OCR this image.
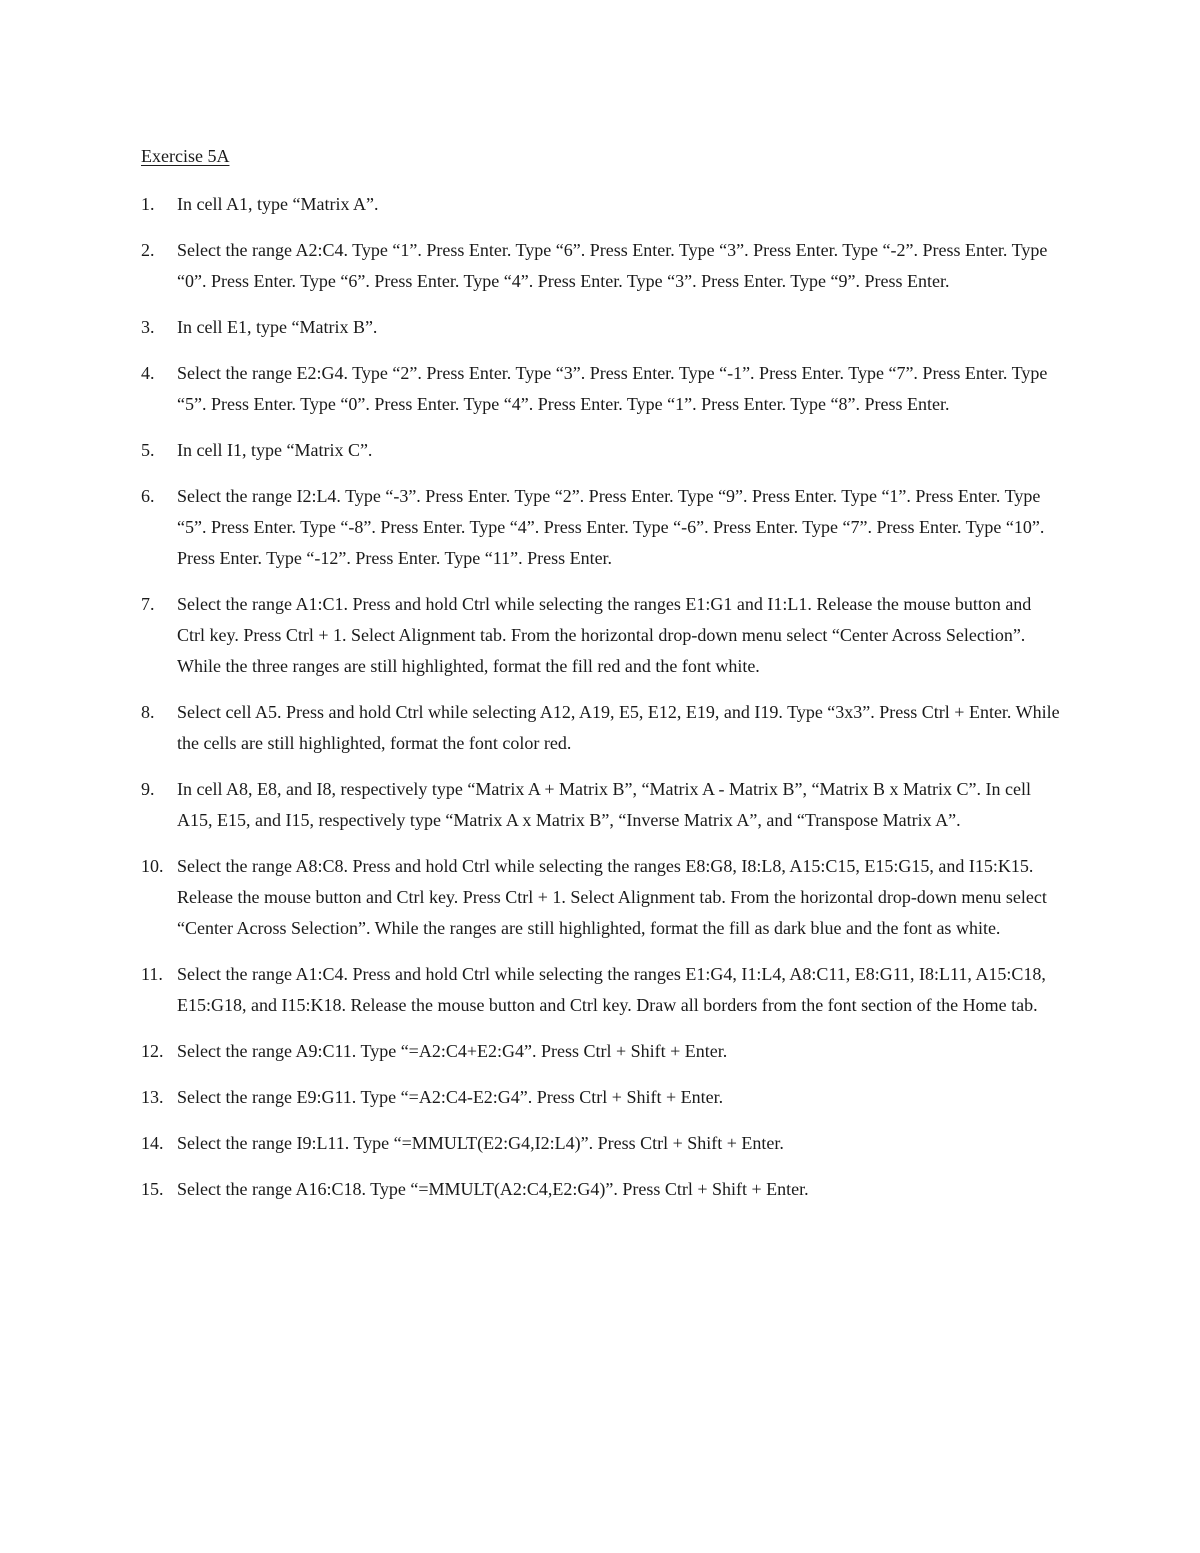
Exercise 5A
1.	In cell A1, type “Matrix A”.
2.	Select the range A2:C4. Type “1”. Press Enter. Type “6”. Press Enter. Type “3”. Press Enter. Type “-2”. Press Enter. Type “0”. Press Enter. Type “6”. Press Enter. Type “4”. Press Enter. Type “3”. Press Enter. Type “9”. Press Enter.
3.	In cell E1, type “Matrix B”.
4.	Select the range E2:G4. Type “2”. Press Enter. Type “3”. Press Enter. Type “-1”. Press Enter. Type “7”. Press Enter. Type “5”. Press Enter. Type “0”. Press Enter. Type “4”. Press Enter. Type “1”. Press Enter. Type “8”. Press Enter.
5.	In cell I1, type “Matrix C”.
6.	Select the range I2:L4. Type “-3”. Press Enter. Type “2”. Press Enter. Type “9”. Press Enter. Type “1”. Press Enter. Type “5”. Press Enter. Type “-8”. Press Enter. Type “4”. Press Enter. Type “-6”. Press Enter. Type “7”. Press Enter. Type “10”. Press Enter. Type “-12”. Press Enter. Type “11”. Press Enter.
7.	Select the range A1:C1. Press and hold Ctrl while selecting the ranges E1:G1 and I1:L1. Release the mouse button and Ctrl key. Press Ctrl + 1. Select Alignment tab. From the horizontal drop-down menu select “Center Across Selection”. While the three ranges are still highlighted, format the fill red and the font white.
8.	Select cell A5. Press and hold Ctrl while selecting A12, A19, E5, E12, E19, and I19. Type “3x3”. Press Ctrl + Enter. While the cells are still highlighted, format the font color red.
9.	In cell A8, E8, and I8, respectively type “Matrix A + Matrix B”, “Matrix A - Matrix B”, “Matrix B x Matrix C”. In cell A15, E15, and I15, respectively type “Matrix A x Matrix B”, “Inverse Matrix A”, and “Transpose Matrix A”.
10. Select the range A8:C8. Press and hold Ctrl while selecting the ranges E8:G8, I8:L8, A15:C15, E15:G15, and I15:K15. Release the mouse button and Ctrl key. Press Ctrl + 1. Select Alignment tab. From the horizontal drop-down menu select “Center Across Selection”. While the ranges are still highlighted, format the fill as dark blue and the font as white.
11. Select the range A1:C4. Press and hold Ctrl while selecting the ranges E1:G4, I1:L4, A8:C11, E8:G11, I8:L11, A15:C18, E15:G18, and I15:K18. Release the mouse button and Ctrl key. Draw all borders from the font section of the Home tab.
12. Select the range A9:C11. Type “=A2:C4+E2:G4”. Press Ctrl + Shift + Enter.
13. Select the range E9:G11. Type “=A2:C4-E2:G4”. Press Ctrl + Shift + Enter.
14. Select the range I9:L11. Type “=MMULT(E2:G4,I2:L4)”. Press Ctrl + Shift + Enter.
15. Select the range A16:C18. Type “=MMULT(A2:C4,E2:G4)”. Press Ctrl + Shift + Enter.
